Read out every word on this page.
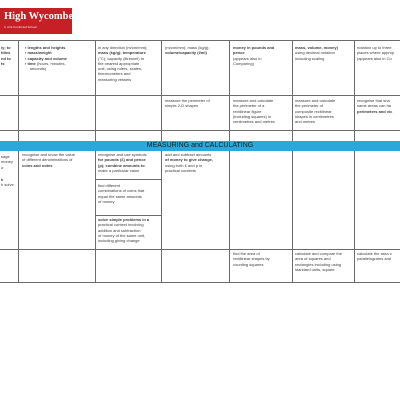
High Wycombe
C of E Combined School
ly; to
tities
nd to
ts
▪ lengths and heights
▪ mass/weight
▪ capacity and volume
▪ time (hours, minutes,
seconds)
in any direction (m/cm/mm);
mass (kg/g); temperature
(°C); capacity (litres/ml) to
the nearest appropriate
unit, using rulers, scales,
thermometers and
measuring vessels
(m/cm/mm); mass (kg/g);
volume/capacity (l/ml)
money in pounds and
pence
(appears also in
Comparing)
mass, volume, money)
using decimal notation
including scaling
notation up to three
places where approp
(appears also in Co
measure the perimeter of
simple 2-D shapes
measure and calculate
the perimeter of a
rectilinear figure
(including squares) in
centimetres and metres
measure and calculate
the perimeter of
composite rectilinear
shapes in centimetres
and metres
recognise that sha
same areas can ha
perimeters and vic
sage
money
o
k
h solve
recognise and know the value
of different denominations of
coins and notes
recognise and use symbols
for pounds (£) and pence
(p); combine amounts to
make a particular value
find different
combinations of coins that
equal the same amounts
of money
solve simple problems in a
practical context involving
addition and subtraction
of money of the same unit,
including giving change
add and subtract amounts
of money to give change,
using both £ and p in
practical contexts
find the area of
rectilinear shapes by
counting squares
calculate and compare the
area of squares and
rectangles including using
standard units, square
calculate the area c
parallelograms and
MEASURING and CALCULATING
